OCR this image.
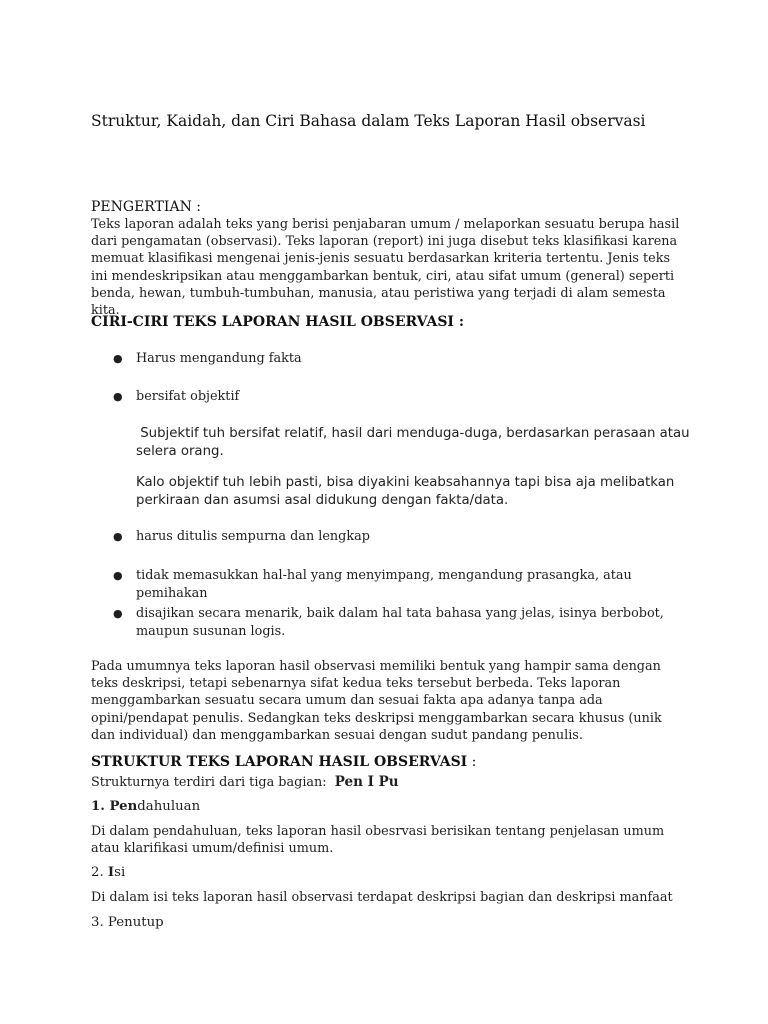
Struktur, Kaidah, dan Ciri Bahasa dalam Teks Laporan Hasil observasi
PENGERTIAN :

Teks laporan adalah teks yang berisi penjabaran umum / melaporkan sesuatu berupa hasil dari pengamatan (observasi). Teks laporan (report) ini juga disebut teks klasifikasi karena memuat klasifikasi mengenai jenis-jenis sesuatu berdasarkan kriteria tertentu. Jenis teks ini mendeskripsikan atau menggambarkan bentuk, ciri, atau sifat umum (general) seperti benda, hewan, tumbuh-tumbuhan, manusia, atau peristiwa yang terjadi di alam semesta kita.

CIRI-CIRI TEKS LAPORAN HASIL OBSERVASI :
●	Harus mengandung fakta
●	bersifat objektif
Subjektif tuh bersifat relatif, hasil dari menduga-duga, berdasarkan perasaan atau selera orang.
Kalo objektif tuh lebih pasti, bisa diyakini keabsahannya tapi bisa aja melibatkan perkiraan dan asumsi asal didukung dengan fakta/data.
●	harus ditulis sempurna dan lengkap
●	tidak memasukkan hal-hal yang menyimpang, mengandung prasangka, atau pemihakan
●	disajikan secara menarik, baik dalam hal tata bahasa yang jelas, isinya berbobot, maupun susunan logis.

Pada umumnya teks laporan hasil observasi memiliki bentuk yang hampir sama dengan teks deskripsi, tetapi sebenarnya sifat kedua teks tersebut berbeda. Teks laporan menggambarkan sesuatu secara umum dan sesuai fakta apa adanya tanpa ada opini/pendapat penulis. Sedangkan teks deskripsi menggambarkan secara khusus (unik dan individual) dan menggambarkan sesuai dengan sudut pandang penulis.

STRUKTUR TEKS LAPORAN HASIL OBSERVASI :

Strukturnya terdiri dari tiga bagian:  Pen I Pu

1. Pendahuluan

Di dalam pendahuluan, teks laporan hasil obesrvasi berisikan tentang penjelasan umum atau klarifikasi umum/definisi umum.

2. Isi

Di dalam isi teks laporan hasil observasi terdapat deskripsi bagian dan deskripsi manfaat

3. Penutup
